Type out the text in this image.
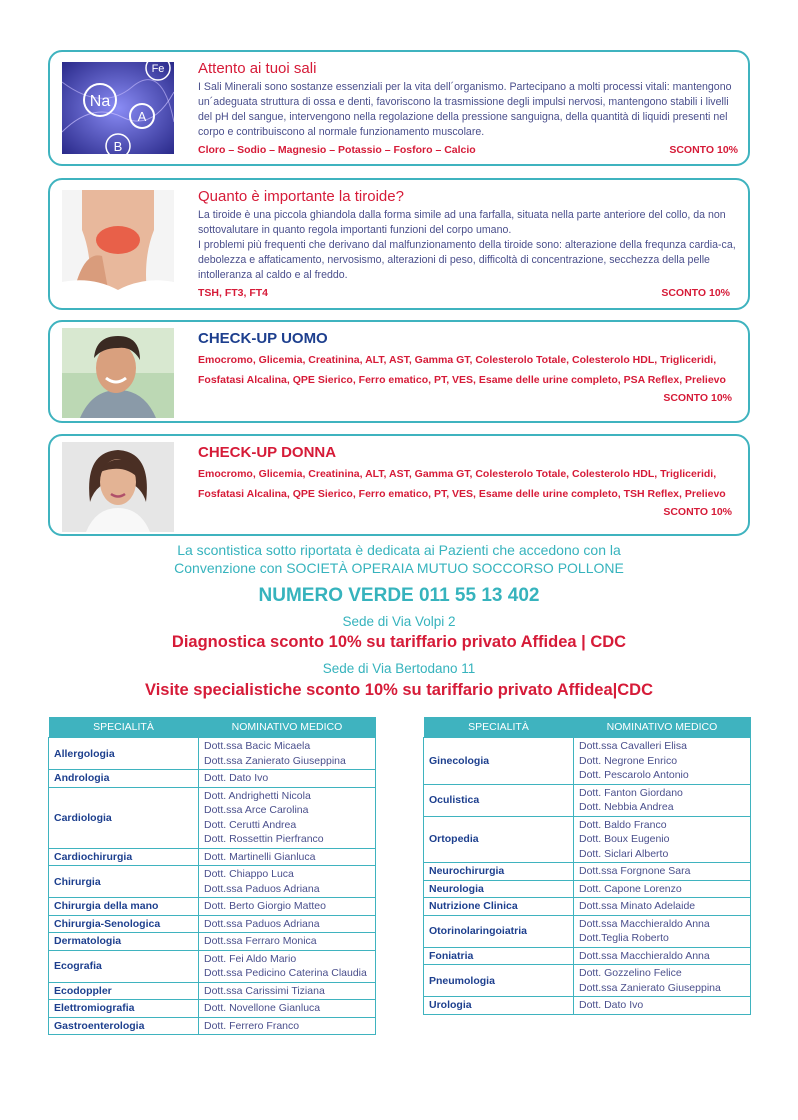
Na
A
B
Fe Attento ai tuoi sali

I Sali Minerali sono sostanze essenziali per la vita dell´organismo. Partecipano a molti processi vitali: mantengono un´adeguata struttura di ossa e denti, favoriscono la trasmissione degli impulsi nervosi, mantengono stabili i livelli del pH del sangue, intervengono nella regolazione della pressione sanguigna, della quantità di liquidi presenti nel corpo e contribuiscono al normale funzionamento muscolare.

Cloro – Sodio – Magnesio – Potassio – Fosforo – Calcio	SCONTO 10%
Quanto è importante la tiroide?

La tiroide è una piccola ghiandola dalla forma simile ad una farfalla, situata nella parte anteriore del collo, da non sottovalutare in quanto regola importanti funzioni del corpo umano.

I problemi più frequenti che derivano dal malfunzionamento della tiroide sono: alterazione della frequnza cardia-ca, debolezza e affaticamento, nervosismo, alterazioni di peso, difficoltà di concentrazione, secchezza della pelle intolleranza al caldo e al freddo.

TSH, FT3, FT4	SCONTO 10%
CHECK-UP UOMO
Emocromo, Glicemia, Creatinina, ALT, AST, Gamma GT, Colesterolo Totale, Colesterolo HDL, Trigliceridi,
Fosfatasi Alcalina, QPE Sierico, Ferro ematico, PT, VES, Esame delle urine completo, PSA Reflex, Prelievo
SCONTO 10%
CHECK-UP DONNA
Emocromo, Glicemia, Creatinina, ALT, AST, Gamma GT, Colesterolo Totale, Colesterolo HDL, Trigliceridi,
Fosfatasi Alcalina, QPE Sierico, Ferro ematico, PT, VES, Esame delle urine completo, TSH Reflex, Prelievo
SCONTO 10%
La scontistica sotto riportata è dedicata ai Pazienti che accedono con la
Convenzione con SOCIETÀ OPERAIA MUTUO SOCCORSO POLLONE
NUMERO VERDE 011 55 13 402
Sede di Via Volpi 2
Diagnostica sconto 10% su tariffario privato Affidea | CDC
Sede di Via Bertodano 11
Visite specialistiche sconto 10% su tariffario privato Affidea|CDC
SPECIALITÀ	NOMINATIVO MEDICO
Allergologia	Dott.ssa Bacic Micaela
Dott.ssa Zanierato Giuseppina

Andrologia	Dott. Dato Ivo

Cardiologia	Dott. Andrighetti Nicola
Dott.ssa Arce Carolina
Dott. Cerutti Andrea
Dott. Rossettin Pierfranco

Cardiochirurgia	Dott. Martinelli Gianluca

Chirurgia	Dott. Chiappo Luca
Dott.ssa Paduos Adriana

Chirurgia della mano	Dott. Berto Giorgio Matteo

Chirurgia-Senologica	Dott.ssa Paduos Adriana

Dermatologia	Dott.ssa Ferraro Monica

Ecografia	Dott. Fei Aldo Mario
Dott.ssa Pedicino Caterina Claudia

Ecodoppler	Dott.ssa Carissimi Tiziana

Elettromiografia	Dott. Novellone Gianluca

Gastroenterologia	Dott. Ferrero Franco
SPECIALITÀ	NOMINATIVO MEDICO
Ginecologia	Dott.ssa Cavalleri Elisa
Dott. Negrone Enrico
Dott. Pescarolo Antonio

Oculistica	Dott. Fanton Giordano
Dott. Nebbia Andrea

Ortopedia	Dott. Baldo Franco
Dott. Boux Eugenio
Dott. Siclari Alberto

Neurochirurgia	Dott.ssa Forgnone Sara

Neurologia	Dott. Capone Lorenzo

Nutrizione Clinica	Dott.ssa Minato Adelaide

Otorinolaringoiatria	Dott.ssa Macchieraldo Anna
Dott.Teglia Roberto

Foniatria	Dott.ssa Macchieraldo Anna

Pneumologia	Dott. Gozzelino Felice
Dott.ssa Zanierato Giuseppina

Urologia	Dott. Dato Ivo
